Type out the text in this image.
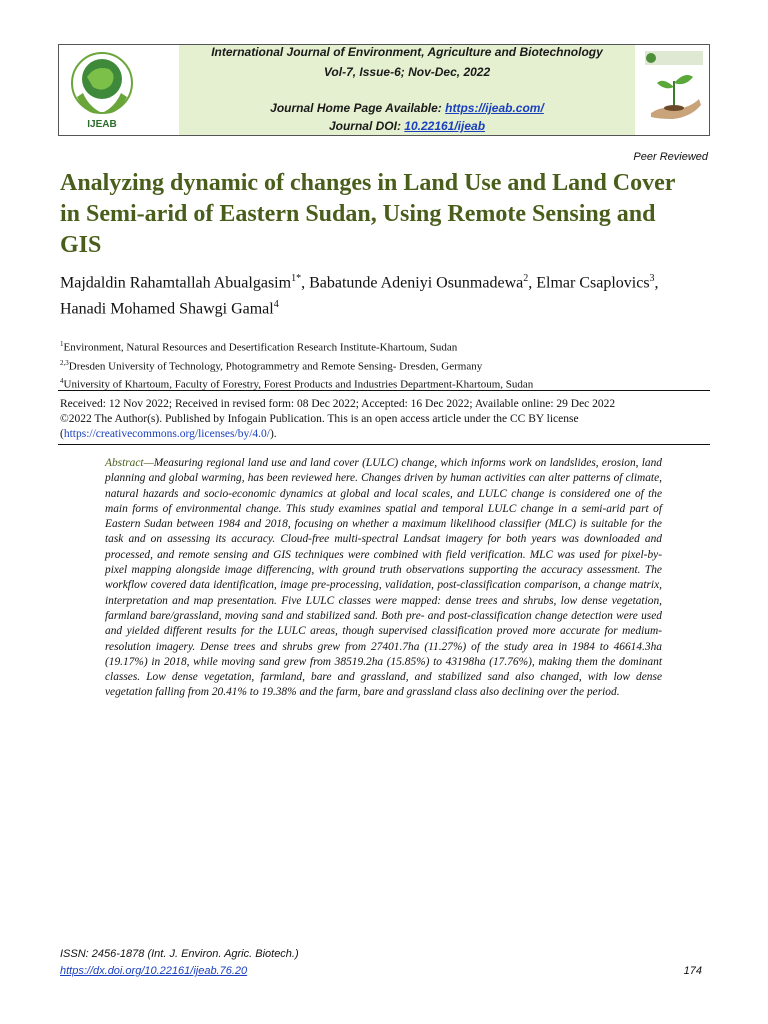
IJEAB
International Journal of Environment, Agriculture and Biotechnology
Vol-7, Issue-6; Nov-Dec, 2022
Journal Home Page Available: https://ijeab.com/
Journal DOI: 10.22161/ijeab
Peer Reviewed
Analyzing dynamic of changes in Land Use and Land Cover in Semi-arid of Eastern Sudan, Using Remote Sensing and GIS
Majdaldin Rahamtallah Abualgasim$^{1*}$, Babatunde Adeniyi Osunmadewa$^2$, Elmar Csaplovics$^3$, Hanadi Mohamed Shawgi Gamal$^4$
$^1$Environment, Natural Resources and Desertification Research Institute-Khartoum, Sudan
$^{2,3}$Dresden University of Technology, Photogrammetry and Remote Sensing- Dresden, Germany
$^4$University of Khartoum, Faculty of Forestry, Forest Products and Industries Department-Khartoum, Sudan
Received: 12 Nov 2022; Received in revised form: 08 Dec 2022; Accepted: 16 Dec 2022; Available online: 29 Dec 2022
©2022 The Author(s). Published by Infogain Publication. This is an open access article under the CC BY license
(https://creativecommons.org/licenses/by/4.0/).
Abstract—Measuring regional land use and land cover (LULC) change, which informs work on landslides, erosion, land planning and global warming, has been reviewed here. Changes driven by human activities can alter patterns of climate, natural hazards and socio-economic dynamics at global and local scales, and LULC change is considered one of the main forms of environmental change. This study examines spatial and temporal LULC change in a semi-arid part of Eastern Sudan between 1984 and 2018, focusing on whether a maximum likelihood classifier (MLC) is suitable for the task and on assessing its accuracy. Cloud-free multi-spectral Landsat imagery for both years was downloaded and processed, and remote sensing and GIS techniques were combined with field verification. MLC was used for pixel-by-pixel mapping alongside image differencing, with ground truth observations supporting the accuracy assessment. The workflow covered data identification, image pre-processing, validation, post-classification comparison, a change matrix, interpretation and map presentation. Five LULC classes were mapped: dense trees and shrubs, low dense vegetation, farmland bare/grassland, moving sand and stabilized sand. Both pre- and post-classification change detection were used and yielded different results for the LULC areas, though supervised classification proved more accurate for medium-resolution imagery. Dense trees and shrubs grew from 27401.7ha (11.27%) of the study area in 1984 to 46614.3ha (19.17%) in 2018, while moving sand grew from 38519.2ha (15.85%) to 43198ha (17.76%), making them the dominant classes. Low dense vegetation, farmland, bare and grassland, and stabilized sand also changed, with low dense vegetation falling from 20.41% to 19.38% and the farm, bare and grassland class also declining over the period.
ISSN: 2456-1878 (Int. J. Environ. Agric. Biotech.)
https://dx.doi.org/10.22161/ijeab.76.20	174
